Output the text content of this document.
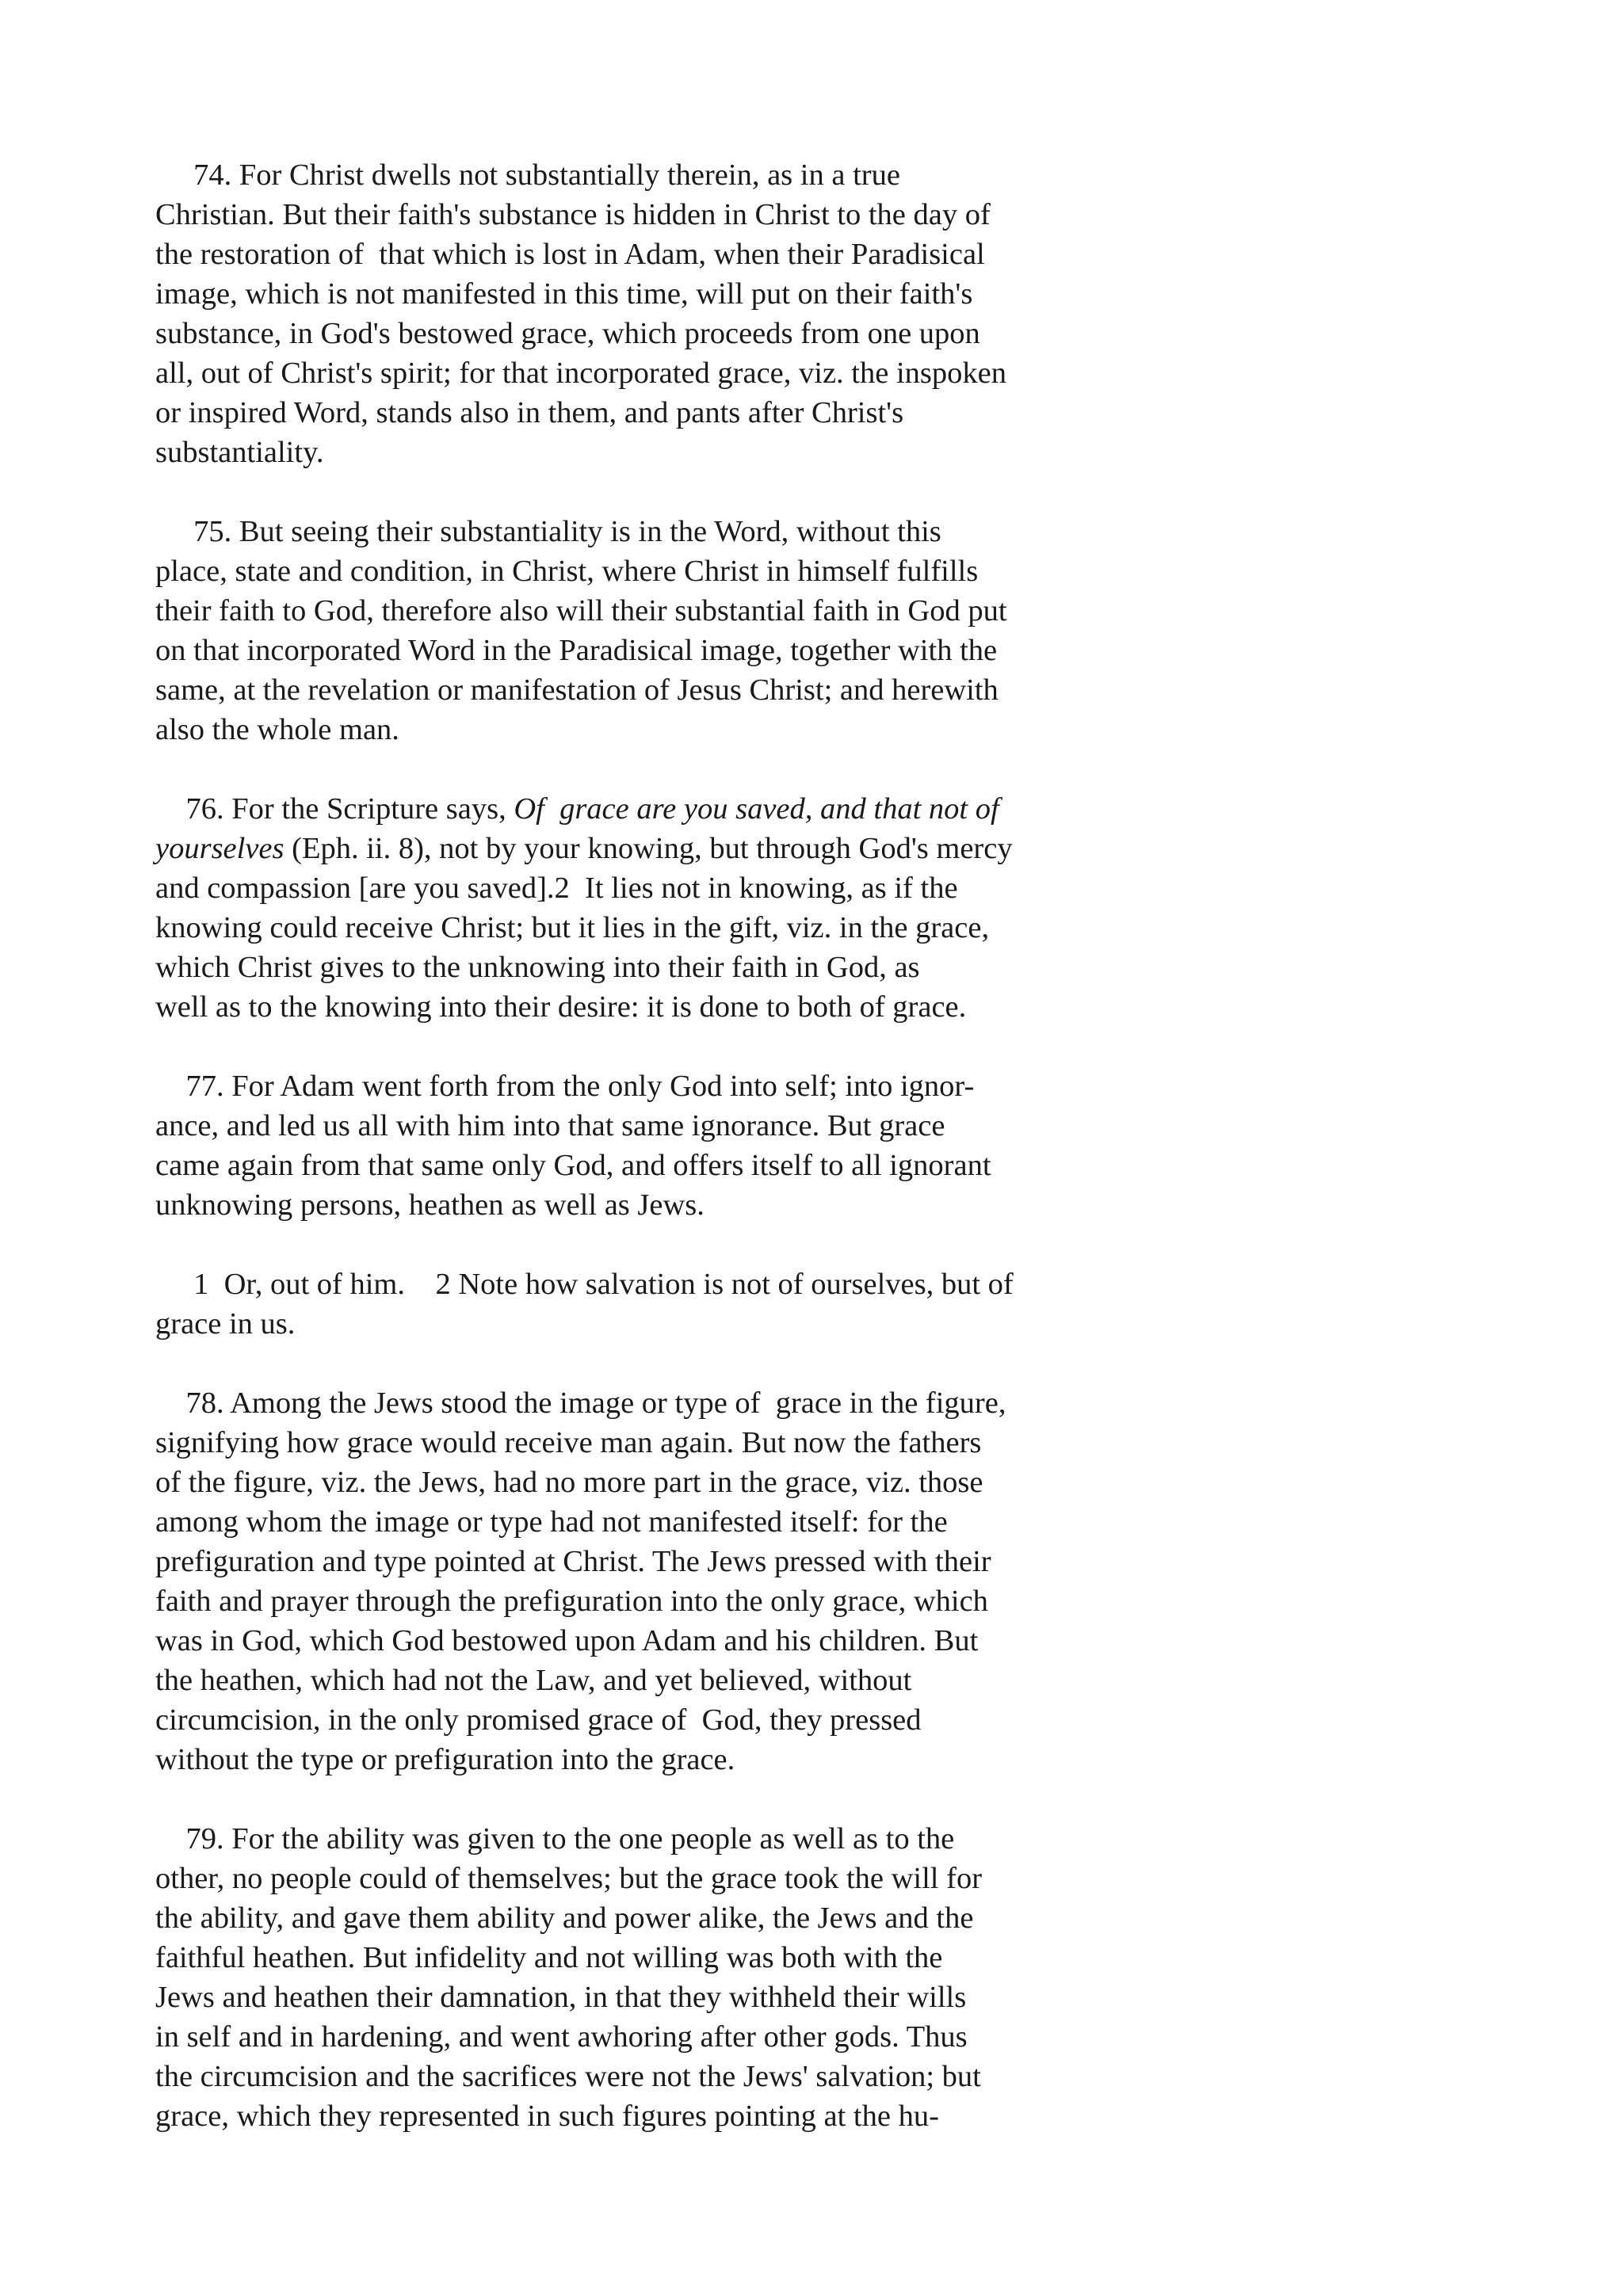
74. For Christ dwells not substantially therein, as in a true
Christian. But their faith's substance is hidden in Christ to the day of
the restoration of  that which is lost in Adam, when their Paradisical
image, which is not manifested in this time, will put on their faith's
substance, in God's bestowed grace, which proceeds from one upon
all, out of Christ's spirit; for that incorporated grace, viz. the inspoken
or inspired Word, stands also in them, and pants after Christ's
substantiality.
75. But seeing their substantiality is in the Word, without this
place, state and condition, in Christ, where Christ in himself fulfills
their faith to God, therefore also will their substantial faith in God put
on that incorporated Word in the Paradisical image, together with the
same, at the revelation or manifestation of Jesus Christ; and herewith
also the whole man.
76. For the Scripture says, Of  grace are you saved, and that not of
yourselves (Eph. ii. 8), not by your knowing, but through God's mercy
and compassion [are you saved].2  It lies not in knowing, as if the
knowing could receive Christ; but it lies in the gift, viz. in the grace,
which Christ gives to the unknowing into their faith in God, as
well as to the knowing into their desire: it is done to both of grace.
77. For Adam went forth from the only God into self; into ignor-
ance, and led us all with him into that same ignorance. But grace
came again from that same only God, and offers itself to all ignorant
unknowing persons, heathen as well as Jews.
1  Or, out of him.    2 Note how salvation is not of ourselves, but of
grace in us.
78. Among the Jews stood the image or type of  grace in the figure,
signifying how grace would receive man again. But now the fathers
of the figure, viz. the Jews, had no more part in the grace, viz. those
among whom the image or type had not manifested itself: for the
prefiguration and type pointed at Christ. The Jews pressed with their
faith and prayer through the prefiguration into the only grace, which
was in God, which God bestowed upon Adam and his children. But
the heathen, which had not the Law, and yet believed, without
circumcision, in the only promised grace of  God, they pressed
without the type or prefiguration into the grace.
79. For the ability was given to the one people as well as to the
other, no people could of themselves; but the grace took the will for
the ability, and gave them ability and power alike, the Jews and the
faithful heathen. But infidelity and not willing was both with the
Jews and heathen their damnation, in that they withheld their wills
in self and in hardening, and went awhoring after other gods. Thus
the circumcision and the sacrifices were not the Jews' salvation; but
grace, which they represented in such figures pointing at the hu-
